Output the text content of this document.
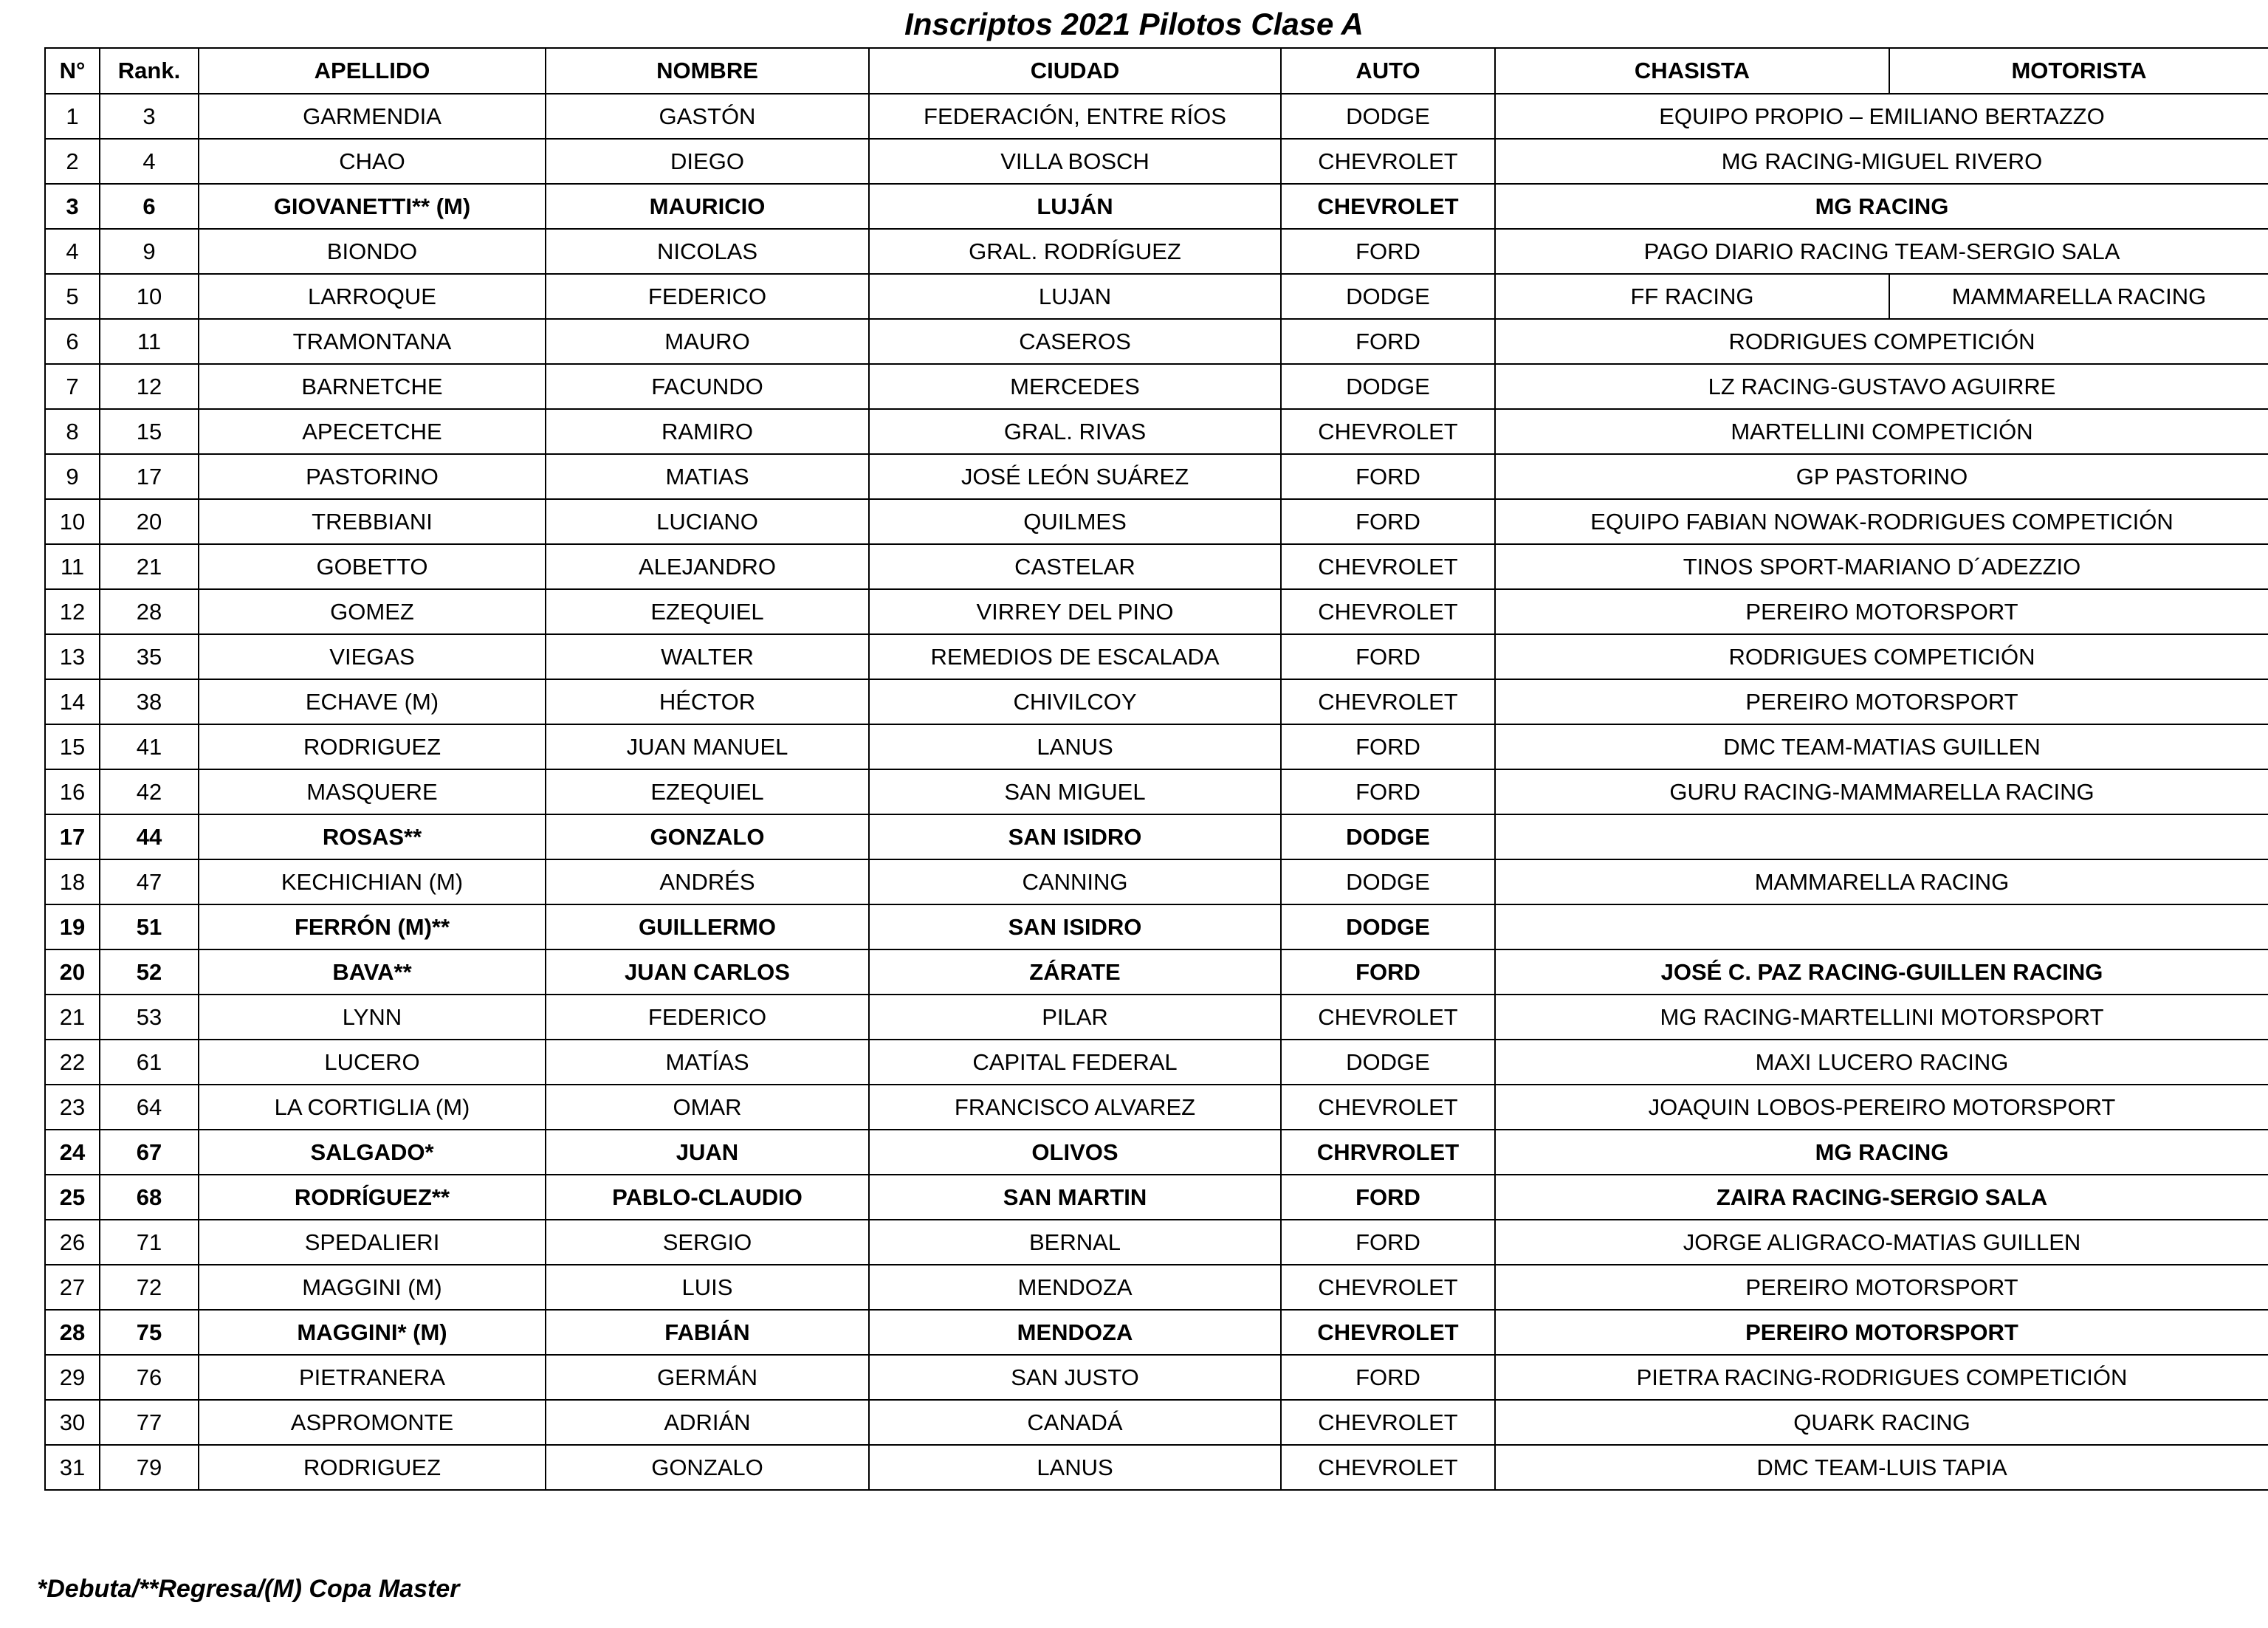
Inscriptos 2021 Pilotos Clase A
N°	Rank.	APELLIDO	NOMBRE	CIUDAD	AUTO	CHASISTA	MOTORISTA
1	3	GARMENDIA	GASTÓN	FEDERACIÓN, ENTRE RÍOS	DODGE	EQUIPO PROPIO – EMILIANO BERTAZZO	
2	4	CHAO	DIEGO	VILLA BOSCH	CHEVROLET	MG RACING-MIGUEL RIVERO	
3	6	GIOVANETTI** (M)	MAURICIO	LUJÁN	CHEVROLET	MG RACING	
4	9	BIONDO	NICOLAS	GRAL. RODRÍGUEZ	FORD	PAGO DIARIO RACING TEAM-SERGIO SALA	
5	10	LARROQUE	FEDERICO	LUJAN	DODGE	FF RACING	MAMMARELLA RACING
6	11	TRAMONTANA	MAURO	CASEROS	FORD	RODRIGUES COMPETICIÓN	
7	12	BARNETCHE	FACUNDO	MERCEDES	DODGE	LZ RACING-GUSTAVO AGUIRRE	
8	15	APECETCHE	RAMIRO	GRAL. RIVAS	CHEVROLET	MARTELLINI COMPETICIÓN	
9	17	PASTORINO	MATIAS	JOSÉ LEÓN SUÁREZ	FORD	GP PASTORINO	
10	20	TREBBIANI	LUCIANO	QUILMES	FORD	EQUIPO FABIAN NOWAK-RODRIGUES COMPETICIÓN	
11	21	GOBETTO	ALEJANDRO	CASTELAR	CHEVROLET	TINOS SPORT-MARIANO D´ADEZZIO	
12	28	GOMEZ	EZEQUIEL	VIRREY DEL PINO	CHEVROLET	PEREIRO MOTORSPORT	
13	35	VIEGAS	WALTER	REMEDIOS DE ESCALADA	FORD	RODRIGUES COMPETICIÓN	
14	38	ECHAVE (M)	HÉCTOR	CHIVILCOY	CHEVROLET	PEREIRO MOTORSPORT	
15	41	RODRIGUEZ	JUAN MANUEL	LANUS	FORD	DMC TEAM-MATIAS GUILLEN	
16	42	MASQUERE	EZEQUIEL	SAN MIGUEL	FORD	GURU RACING-MAMMARELLA RACING	
17	44	ROSAS**	GONZALO	SAN ISIDRO	DODGE		
18	47	KECHICHIAN (M)	ANDRÉS	CANNING	DODGE	MAMMARELLA RACING	
19	51	FERRÓN (M)**	GUILLERMO	SAN ISIDRO	DODGE		
20	52	BAVA**	JUAN CARLOS	ZÁRATE	FORD	JOSÉ C. PAZ RACING-GUILLEN RACING	
21	53	LYNN	FEDERICO	PILAR	CHEVROLET	MG RACING-MARTELLINI MOTORSPORT	
22	61	LUCERO	MATÍAS	CAPITAL FEDERAL	DODGE	MAXI LUCERO RACING	
23	64	LA CORTIGLIA (M)	OMAR	FRANCISCO ALVAREZ	CHEVROLET	JOAQUIN LOBOS-PEREIRO MOTORSPORT	
24	67	SALGADO*	JUAN	OLIVOS	CHRVROLET	MG RACING	
25	68	RODRÍGUEZ**	PABLO-CLAUDIO	SAN MARTIN	FORD	ZAIRA RACING-SERGIO SALA	
26	71	SPEDALIERI	SERGIO	BERNAL	FORD	JORGE ALIGRACO-MATIAS GUILLEN	
27	72	MAGGINI (M)	LUIS	MENDOZA	CHEVROLET	PEREIRO MOTORSPORT	
28	75	MAGGINI* (M)	FABIÁN	MENDOZA	CHEVROLET	PEREIRO MOTORSPORT	
29	76	PIETRANERA	GERMÁN	SAN JUSTO	FORD	PIETRA RACING-RODRIGUES COMPETICIÓN	
30	77	ASPROMONTE	ADRIÁN	CANADÁ	CHEVROLET	QUARK RACING	
31	79	RODRIGUEZ	GONZALO	LANUS	CHEVROLET	DMC TEAM-LUIS TAPIA	
*Debuta/**Regresa/(M) Copa Master
